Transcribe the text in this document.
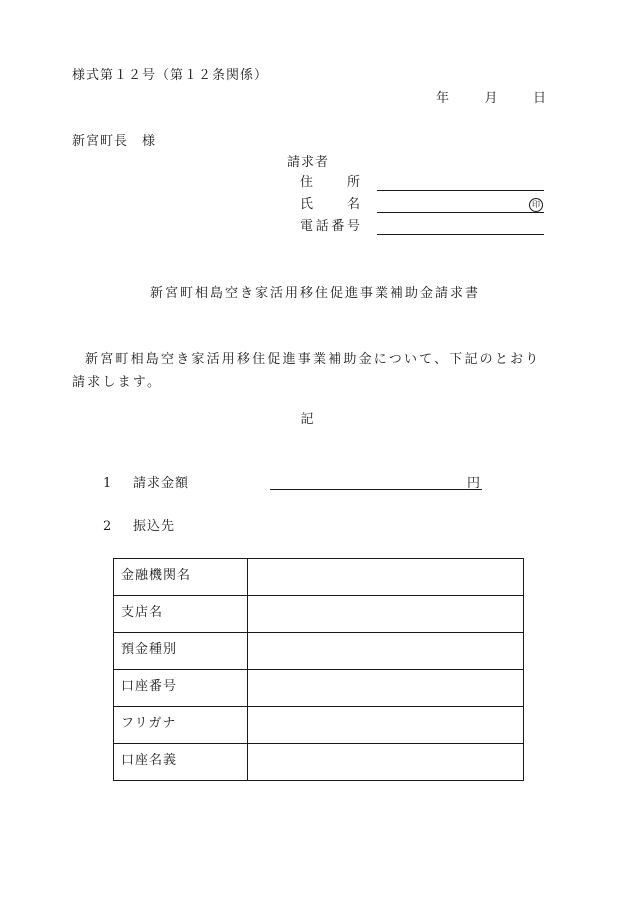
様式第１２号（第１２条関係）
年	月	日
新宮町長　様
請求者
住	所
氏	名	印
電 話 番 号
新宮町相島空き家活用移住促進事業補助金請求書
新宮町相島空き家活用移住促進事業補助金について、下記のとおり請求します。
記
1 請求金額	円
2 振込先
金融機関名	
支店名	
預金種別	
口座番号	
フリガナ	
口座名義	
